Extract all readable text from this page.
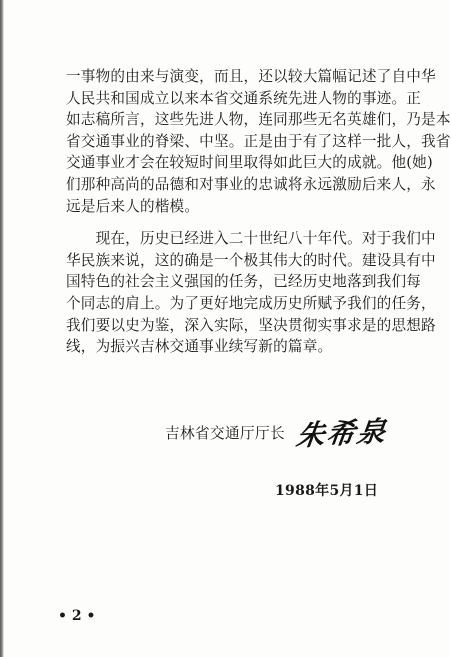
一事物的由来与演变，而且，还以较大篇幅记述了自中华
人民共和国成立以来本省交通系统先进人物的事迹。正
如志稿所言，这些先进人物，连同那些无名英雄们，乃是本
省交通事业的脊梁、中坚。正是由于有了这样一批人，我省
交通事业才会在较短时间里取得如此巨大的成就。他(她)
们那种高尚的品德和对事业的忠诚将永远激励后来人，永
远是后来人的楷模。

　　现在，历史已经进入二十世纪八十年代。对于我们中
华民族来说，这的确是一个极其伟大的时代。建设具有中
国特色的社会主义强国的任务，已经历史地落到我们每
个同志的肩上。为了更好地完成历史所赋予我们的任务，
我们要以史为鉴，深入实际，坚决贯彻实事求是的思想路
线，为振兴吉林交通事业续写新的篇章。

吉林省交通厅厅长 朱希泉
1988年5月1日
• 2 •
